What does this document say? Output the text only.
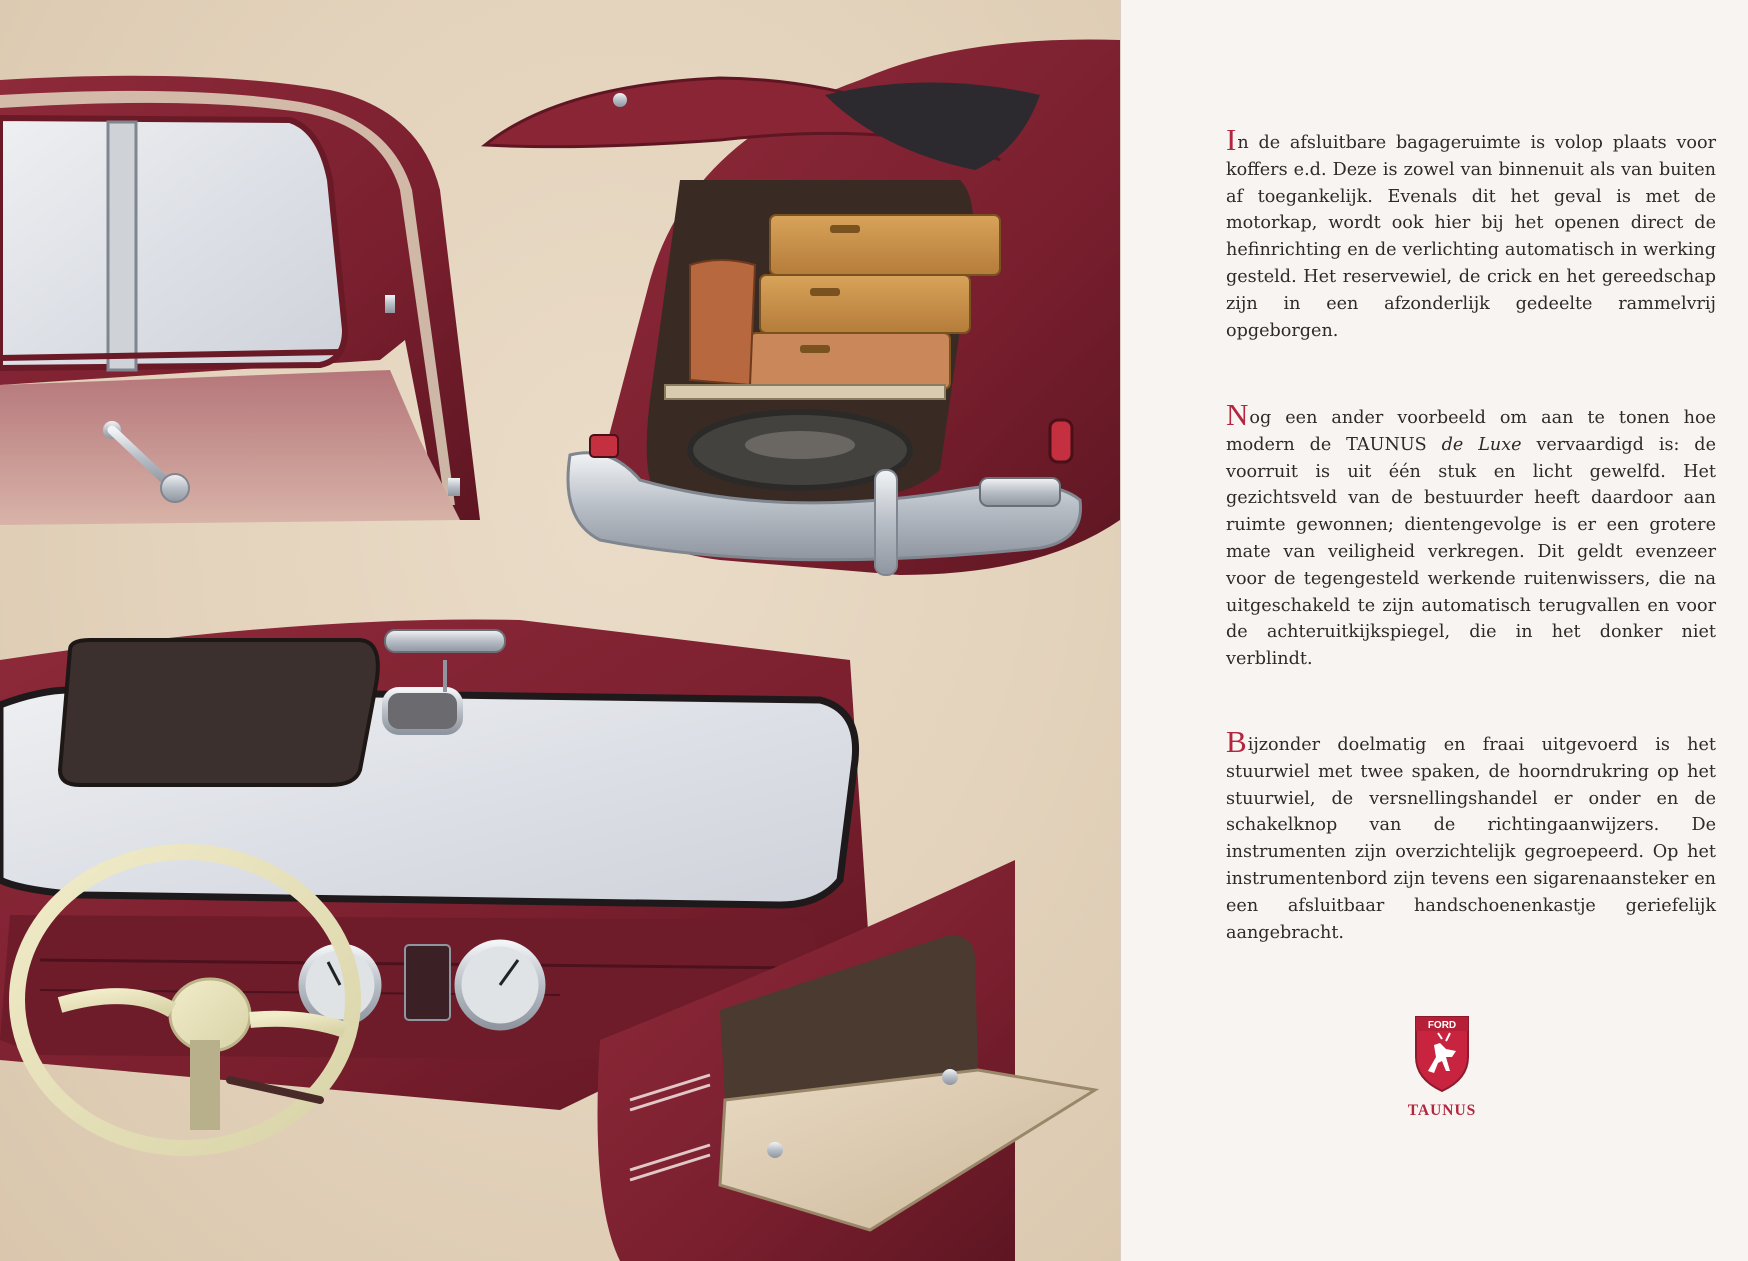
In de afsluitbare bagageruimte is volop plaats voor koffers e.d. Deze is zowel van binnenuit als van buiten af toegankelijk. Evenals dit het geval is met de motorkap, wordt ook hier bij het openen direct de hefinrichting en de verlichting automatisch in werking gesteld. Het reservewiel, de crick en het gereedschap zijn in een afzonderlijk gedeelte rammelvrij opgeborgen.

Nog een ander voorbeeld om aan te tonen hoe modern de TAUNUS de Luxe vervaardigd is: de voorruit is uit één stuk en licht gewelfd. Het gezichtsveld van de bestuurder heeft daardoor aan ruimte gewonnen; dientengevolge is er een grotere mate van veiligheid verkregen. Dit geldt evenzeer voor de tegengesteld werkende ruitenwissers, die na uitgeschakeld te zijn automatisch terugvallen en voor de achteruitkijkspiegel, die in het donker niet verblindt.

Bijzonder doelmatig en fraai uitgevoerd is het stuurwiel met twee spaken, de hoorndrukring op het stuurwiel, de versnellingshandel er onder en de schakelknop van de richtingaanwijzers. De instrumenten zijn overzichtelijk gegroepeerd. Op het instrumentenbord zijn tevens een sigarenaansteker en een afsluitbaar handschoenenkastje geriefelijk aangebracht.

FORD
TAUNUS
